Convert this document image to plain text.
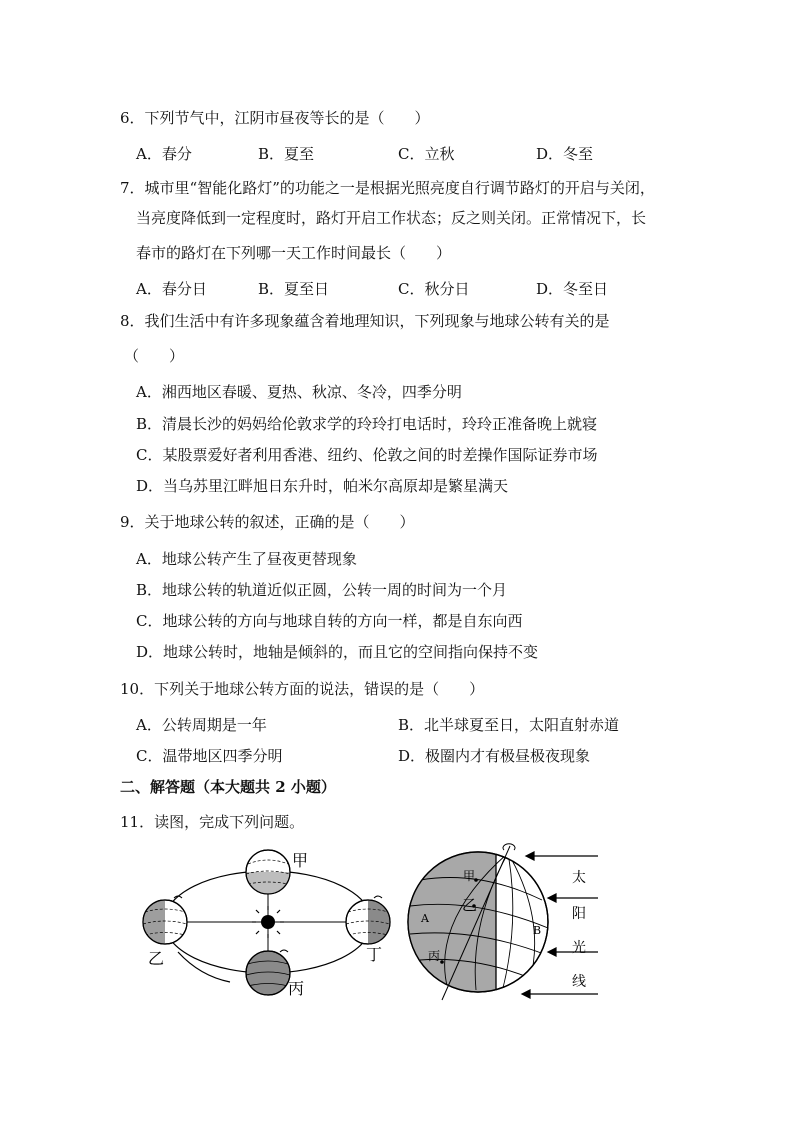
6．下列节气中，江阴市昼夜等长的是（　　）
A．春分	B．夏至	C．立秋	D．冬至
7．城市里“智能化路灯”的功能之一是根据光照亮度自行调节路灯的开启与关闭，
当亮度降低到一定程度时，路灯开启工作状态；反之则关闭。正常情况下，长
春市的路灯在下列哪一天工作时间最长（　　）
A．春分日	B．夏至日	C．秋分日	D．冬至日
8．我们生活中有许多现象蕴含着地理知识，下列现象与地球公转有关的是
（　　）
A．湘西地区春暖、夏热、秋凉、冬冷，四季分明
B．清晨长沙的妈妈给伦敦求学的玲玲打电话时，玲玲正准备晚上就寝
C．某股票爱好者利用香港、纽约、伦敦之间的时差操作国际证券市场
D．当乌苏里江畔旭日东升时，帕米尔高原却是繁星满天
9．关于地球公转的叙述，正确的是（　　）
A．地球公转产生了昼夜更替现象
B．地球公转的轨道近似正圆，公转一周的时间为一个月
C．地球公转的方向与地球自转的方向一样，都是自东向西
D．地球公转时，地轴是倾斜的，而且它的空间指向保持不变
10．下列关于地球公转方面的说法，错误的是（　　）
A．公转周期是一年	B．北半球夏至日，太阳直射赤道
C．温带地区四季分明	D．极圈内才有极昼极夜现象
二、解答题（本大题共 2 小题）
11．读图，完成下列问题。
甲
乙
丙
丁
甲
乙
丙
A
B
太
阳
光
线
